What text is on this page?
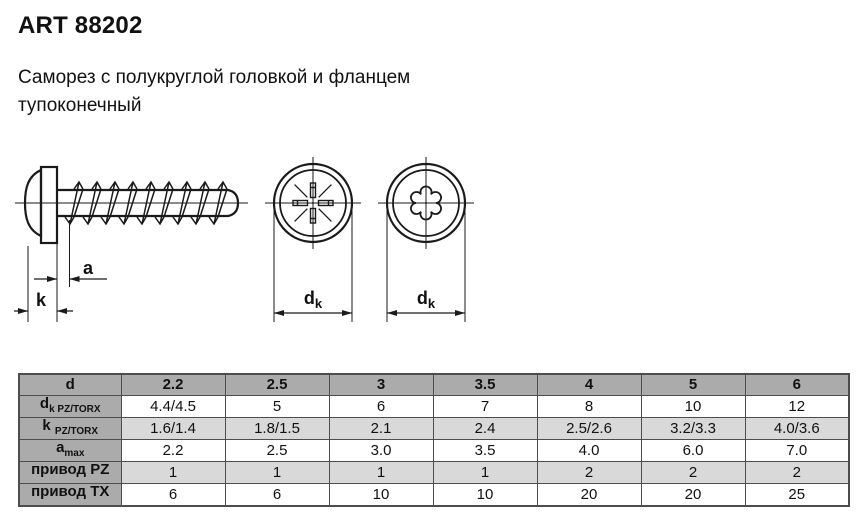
ART 88202
Саморез с полукруглой головкой и фланцем
тупоконечный
a
k	$d_k$	$d_k$
d	2.2	2.5	3	3.5	4	5	6
$d_{k PZ/TORX}$	4.4/4.5	5	6	7	8	10	12
k $_{PZ/TORX}$	1.6/1.4	1.8/1.5	2.1	2.4	2.5/2.6	3.2/3.3	4.0/3.6
$a_{max}$	2.2	2.5	3.0	3.5	4.0	6.0	7.0
привод PZ	1	1	1	1	2	2	2
привод TX	6	6	10	10	20	20	25
